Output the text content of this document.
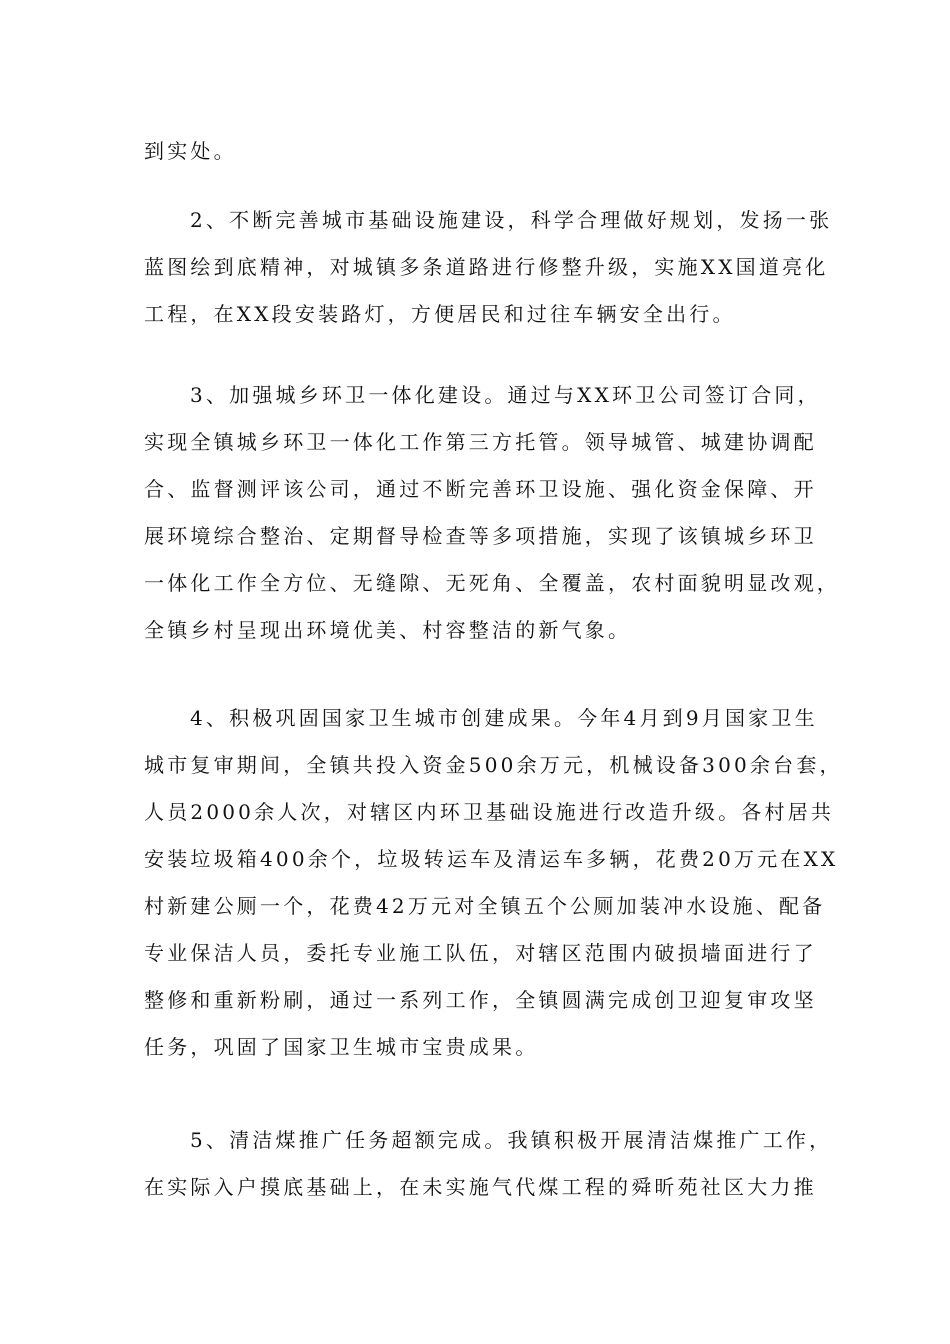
到实处。
2、不断完善城市基础设施建设，科学合理做好规划，发扬一张
蓝图绘到底精神，对城镇多条道路进行修整升级，实施XX国道亮化
工程，在XX段安装路灯，方便居民和过往车辆安全出行。
3、加强城乡环卫一体化建设。通过与XX环卫公司签订合同，
实现全镇城乡环卫一体化工作第三方托管。领导城管、城建协调配
合、监督测评该公司，通过不断完善环卫设施、强化资金保障、开
展环境综合整治、定期督导检查等多项措施，实现了该镇城乡环卫
一体化工作全方位、无缝隙、无死角、全覆盖，农村面貌明显改观，
全镇乡村呈现出环境优美、村容整洁的新气象。
4、积极巩固国家卫生城市创建成果。今年4月到9月国家卫生
城市复审期间，全镇共投入资金500余万元，机械设备300余台套，
人员2000余人次，对辖区内环卫基础设施进行改造升级。各村居共
安装垃圾箱400余个，垃圾转运车及清运车多辆，花费20万元在XX
村新建公厕一个，花费42万元对全镇五个公厕加装冲水设施、配备
专业保洁人员，委托专业施工队伍，对辖区范围内破损墙面进行了
整修和重新粉刷，通过一系列工作，全镇圆满完成创卫迎复审攻坚
任务，巩固了国家卫生城市宝贵成果。
5、清洁煤推广任务超额完成。我镇积极开展清洁煤推广工作，
在实际入户摸底基础上，在未实施气代煤工程的舜昕苑社区大力推
